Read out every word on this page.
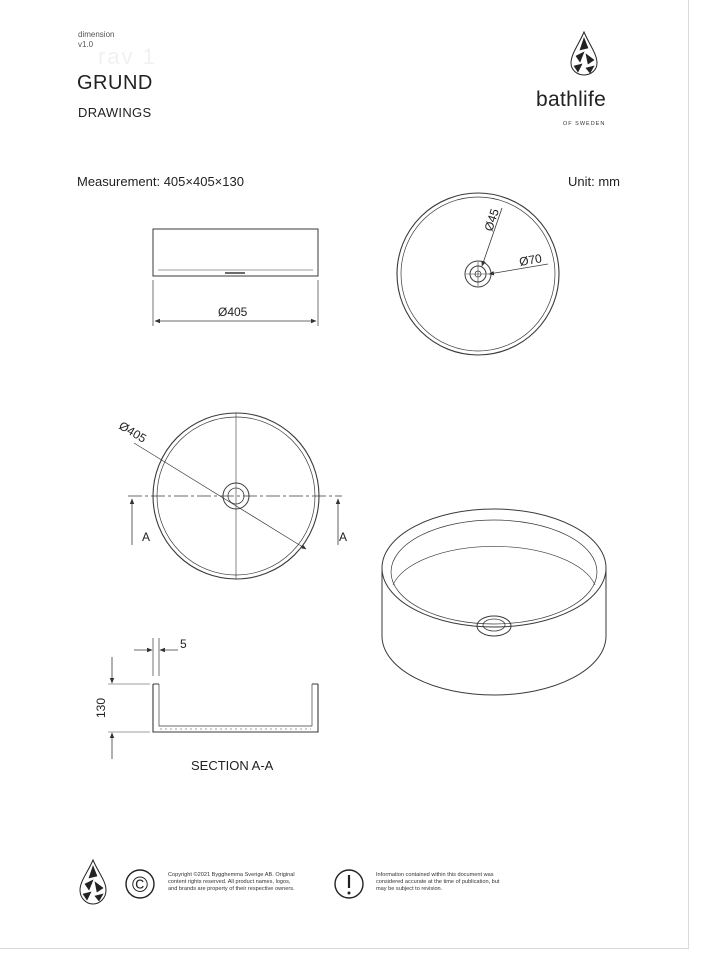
dimension
v1.0 rav 1
GRUND
DRAWINGS
bathlife
OF SWEDEN
Measurement: 405×405×130	Unit: mm
SECTION A-A
Copyright ©2021 Bygghemma Sverige AB. Original
content rights reserved. All product names, logos,
and brands are property of their respective owners.
Information contained within this document was
considered accurate at the time of publication, but
may be subject to revision.
Ø405
Ø45
Ø70
Ø405
A	A
5
130
©
